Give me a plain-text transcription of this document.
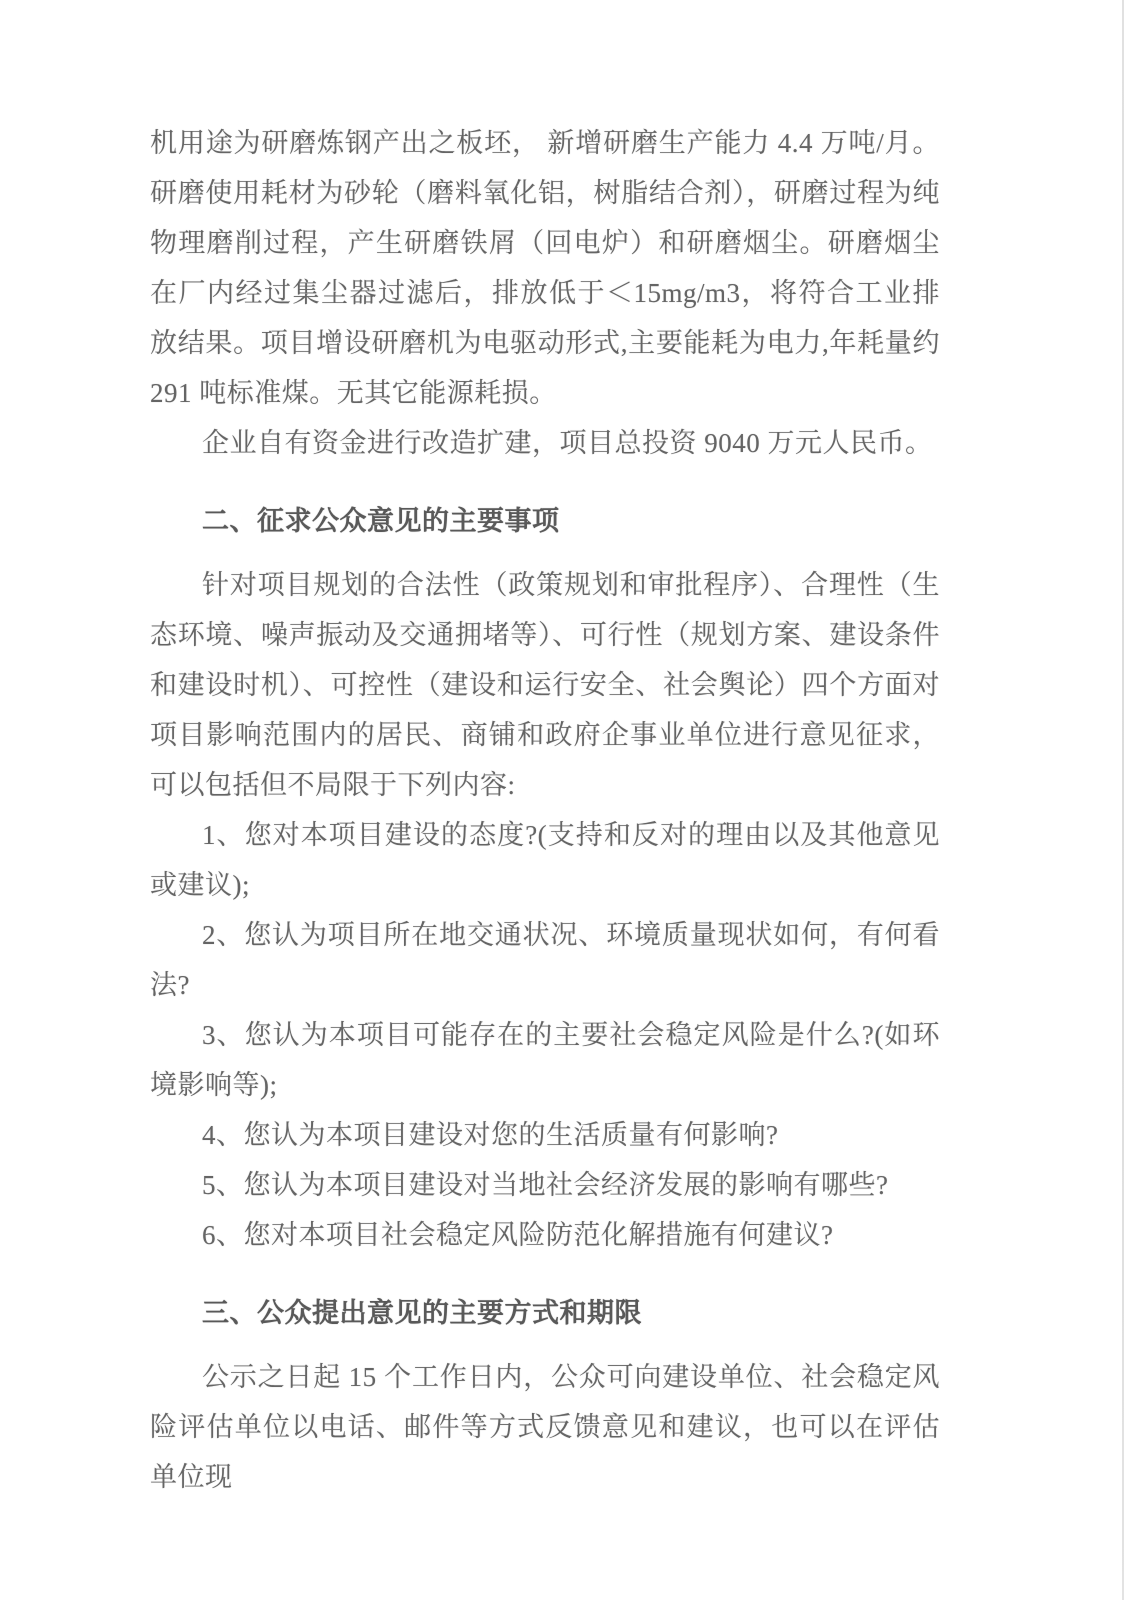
机用途为研磨炼钢产出之板坯， 新增研磨生产能力 4.4 万吨/月。研磨使用耗材为砂轮（磨料氧化铝，树脂结合剂），研磨过程为纯物理磨削过程，产生研磨铁屑（回电炉）和研磨烟尘。研磨烟尘在厂内经过集尘器过滤后，排放低于＜15mg/m3，将符合工业排放结果。项目增设研磨机为电驱动形式,主要能耗为电力,年耗量约 291 吨标准煤。无其它能源耗损。

企业自有资金进行改造扩建，项目总投资 9040 万元人民币。

二、征求公众意见的主要事项

针对项目规划的合法性（政策规划和审批程序）、合理性（生态环境、噪声振动及交通拥堵等）、可行性（规划方案、建设条件和建设时机）、可控性（建设和运行安全、社会舆论）四个方面对项目影响范围内的居民、商铺和政府企事业单位进行意见征求，可以包括但不局限于下列内容:

1、您对本项目建设的态度?(支持和反对的理由以及其他意见或建议);

2、您认为项目所在地交通状况、环境质量现状如何，有何看法?

3、您认为本项目可能存在的主要社会稳定风险是什么?(如环境影响等);

4、您认为本项目建设对您的生活质量有何影响?

5、您认为本项目建设对当地社会经济发展的影响有哪些?

6、您对本项目社会稳定风险防范化解措施有何建议?

三、公众提出意见的主要方式和期限

公示之日起 15 个工作日内，公众可向建设单位、社会稳定风险评估单位以电话、邮件等方式反馈意见和建议，也可以在评估单位现
